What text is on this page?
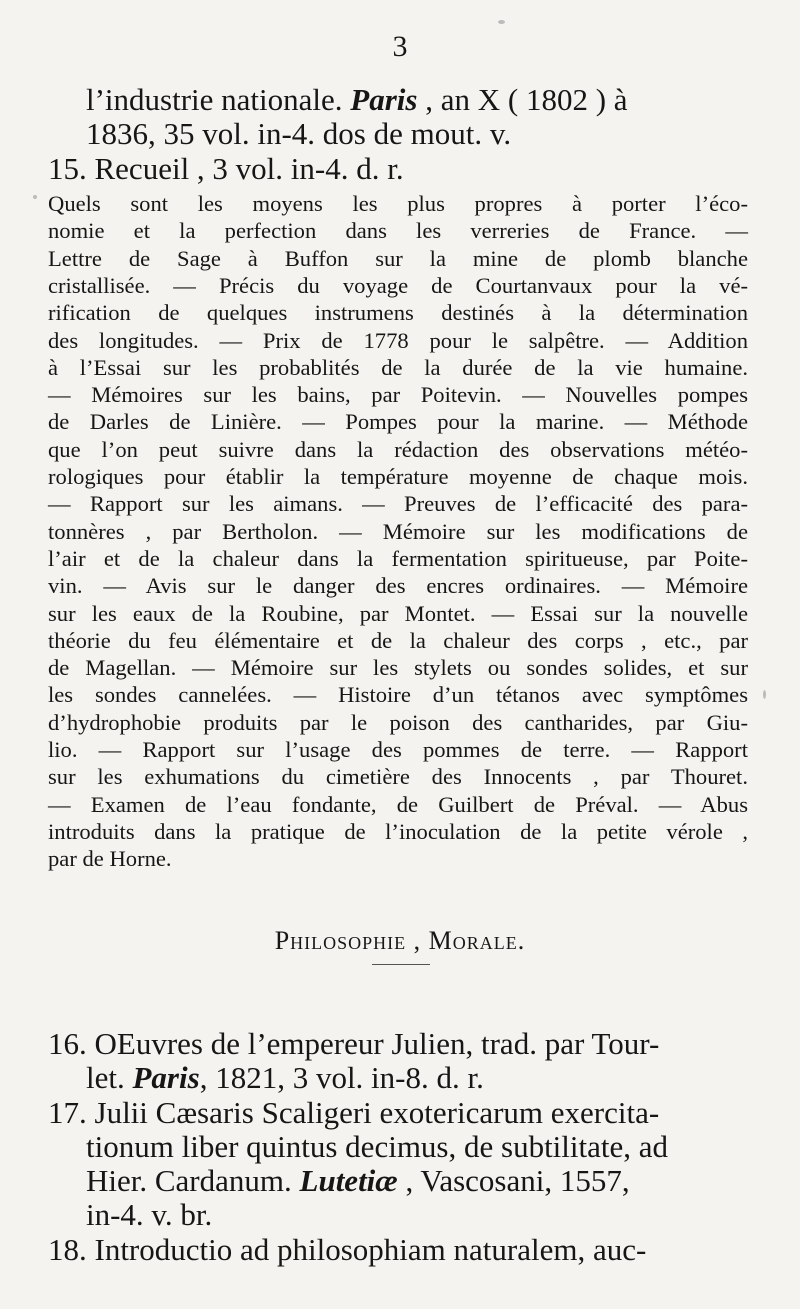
3
l’industrie nationale. Paris , an X ( 1802 ) à
1836, 35 vol. in-4. dos de mout. v.
15. Recueil , 3 vol. in-4. d. r.
Quels sont les moyens les plus propres à porter l’éco-
nomie et la perfection dans les verreries de France. —
Lettre de Sage à Buffon sur la mine de plomb blanche
cristallisée. — Précis du voyage de Courtanvaux pour la vé-
rification de quelques instrumens destinés à la détermination
des longitudes. — Prix de 1778 pour le salpêtre. — Addition
à l’Essai sur les probablités de la durée de la vie humaine.
— Mémoires sur les bains, par Poitevin. — Nouvelles pompes
de Darles de Linière. — Pompes pour la marine. — Méthode
que l’on peut suivre dans la rédaction des observations météo-
rologiques pour établir la température moyenne de chaque mois.
— Rapport sur les aimans. — Preuves de l’efficacité des para-
tonnères , par Bertholon. — Mémoire sur les modifications de
l’air et de la chaleur dans la fermentation spiritueuse, par Poite-
vin. — Avis sur le danger des encres ordinaires. — Mémoire
sur les eaux de la Roubine, par Montet. — Essai sur la nouvelle
théorie du feu élémentaire et de la chaleur des corps , etc., par
de Magellan. — Mémoire sur les stylets ou sondes solides, et sur
les sondes cannelées. — Histoire d’un tétanos avec symptômes
d’hydrophobie produits par le poison des cantharides, par Giu-
lio. — Rapport sur l’usage des pommes de terre. — Rapport
sur les exhumations du cimetière des Innocents , par Thouret.
— Examen de l’eau fondante, de Guilbert de Préval. — Abus
introduits dans la pratique de l’inoculation de la petite vérole ,
par de Horne.
Philosophie , Morale.
16. OEuvres de l’empereur Julien, trad. par Tour-
let. Paris, 1821, 3 vol. in-8. d. r.
17. Julii Cæsaris Scaligeri exotericarum exercita-
tionum liber quintus decimus, de subtilitate, ad
Hier. Cardanum. Lutetiæ , Vascosani, 1557,
in-4. v. br.
18. Introductio ad philosophiam naturalem, auc-
